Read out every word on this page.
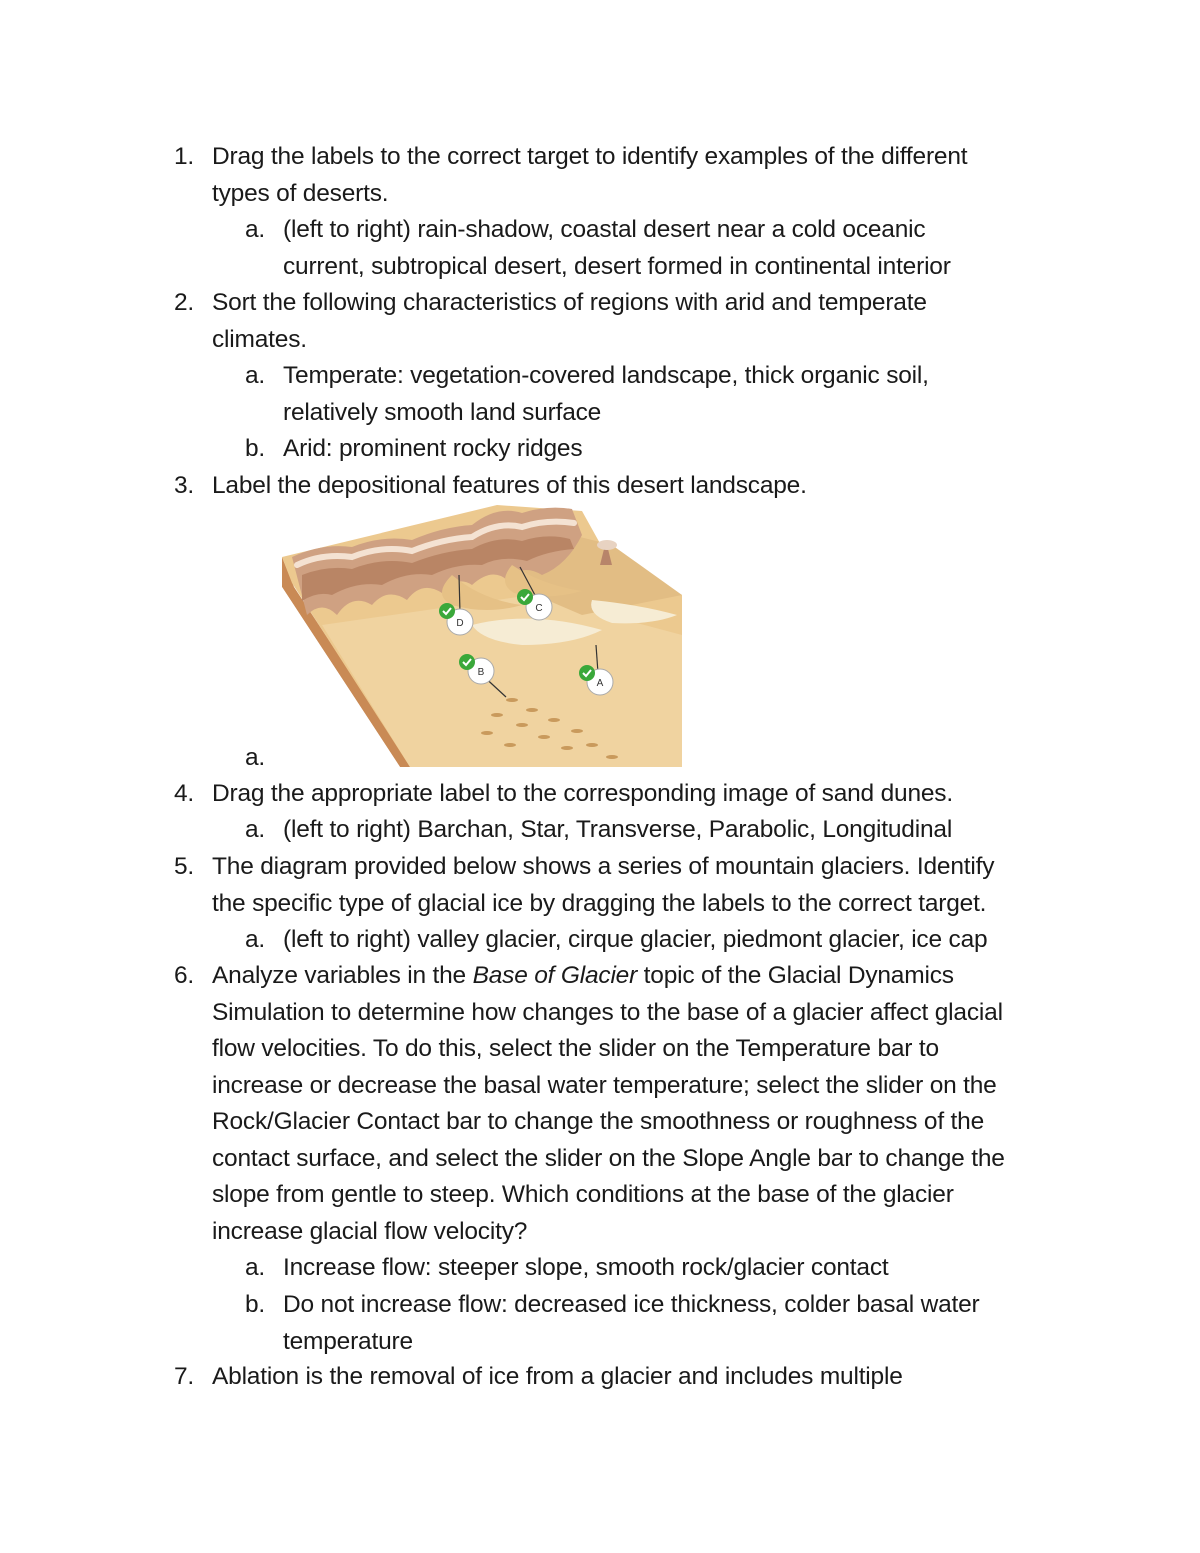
1. Drag the labels to the correct target to identify examples of the different
types of deserts.
a. (left to right) rain-shadow, coastal desert near a cold oceanic
current, subtropical desert, desert formed in continental interior
2. Sort the following characteristics of regions with arid and temperate
climates.
a. Temperate: vegetation-covered landscape, thick organic soil,
relatively smooth land surface
b. Arid: prominent rocky ridges
3. Label the depositional features of this desert landscape.
D
C
B
A
a.
4. Drag the appropriate label to the corresponding image of sand dunes.
a. (left to right) Barchan, Star, Transverse, Parabolic, Longitudinal
5. The diagram provided below shows a series of mountain glaciers. Identify
the specific type of glacial ice by dragging the labels to the correct target.
a. (left to right) valley glacier, cirque glacier, piedmont glacier, ice cap
6. Analyze variables in the Base of Glacier topic of the Glacial Dynamics
Simulation to determine how changes to the base of a glacier affect glacial
flow velocities. To do this, select the slider on the Temperature bar to
increase or decrease the basal water temperature; select the slider on the
Rock/Glacier Contact bar to change the smoothness or roughness of the
contact surface, and select the slider on the Slope Angle bar to change the
slope from gentle to steep. Which conditions at the base of the glacier
increase glacial flow velocity?
a. Increase flow: steeper slope, smooth rock/glacier contact
b. Do not increase flow: decreased ice thickness, colder basal water
temperature
7. Ablation is the removal of ice from a glacier and includes multiple
